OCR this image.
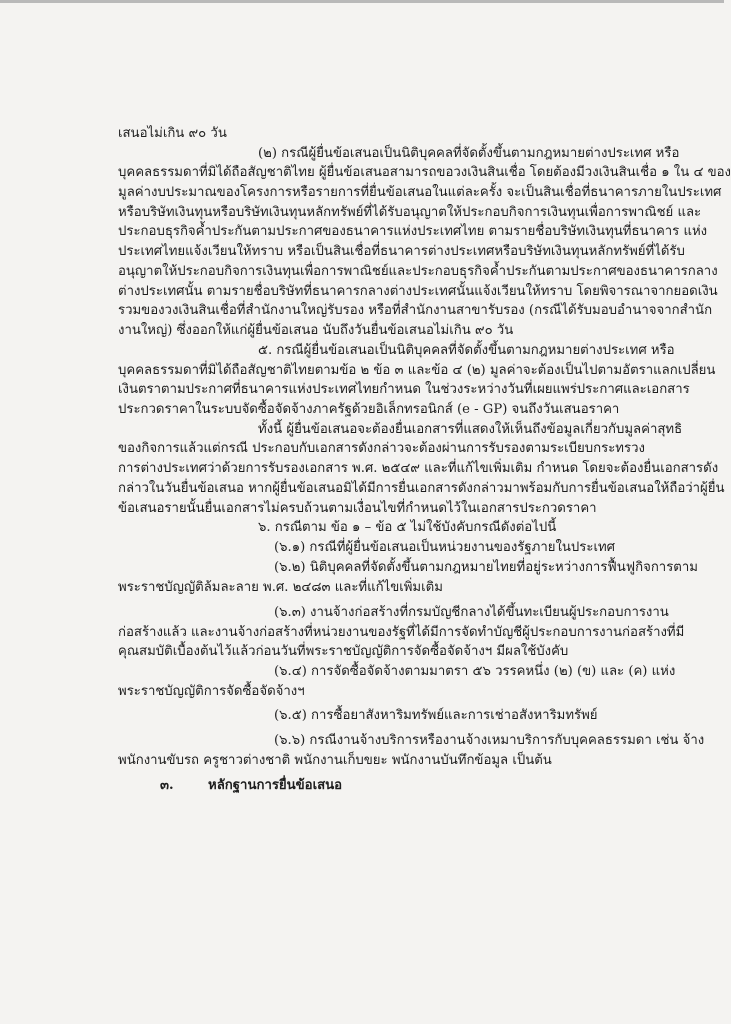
เสนอไม่เกิน ๙๐ วัน
(๒) กรณีผู้ยื่นข้อเสนอเป็นนิติบุคคลที่จัดตั้งขึ้นตามกฎหมายต่างประเทศ หรือ
บุคคลธรรมดาที่มิได้ถือสัญชาติไทย ผู้ยื่นข้อเสนอสามารถขอวงเงินสินเชื่อ โดยต้องมีวงเงินสินเชื่อ ๑ ใน ๔ ของ
มูลค่างบประมาณของโครงการหรือรายการที่ยื่นข้อเสนอในแต่ละครั้ง จะเป็นสินเชื่อที่ธนาคารภายในประเทศ
หรือบริษัทเงินทุนหรือบริษัทเงินทุนหลักทรัพย์ที่ได้รับอนุญาตให้ประกอบกิจการเงินทุนเพื่อการพาณิชย์ และ
ประกอบธุรกิจค้ำประกันตามประกาศของธนาคารแห่งประเทศไทย ตามรายชื่อบริษัทเงินทุนที่ธนาคาร แห่ง
ประเทศไทยแจ้งเวียนให้ทราบ หรือเป็นสินเชื่อที่ธนาคารต่างประเทศหรือบริษัทเงินทุนหลักทรัพย์ที่ได้รับ
อนุญาตให้ประกอบกิจการเงินทุนเพื่อการพาณิชย์และประกอบธุรกิจค้ำประกันตามประกาศของธนาคารกลาง
ต่างประเทศนั้น ตามรายชื่อบริษัทที่ธนาคารกลางต่างประเทศนั้นแจ้งเวียนให้ทราบ โดยพิจารณาจากยอดเงิน
รวมของวงเงินสินเชื่อที่สำนักงานใหญ่รับรอง หรือที่สำนักงานสาขารับรอง (กรณีได้รับมอบอำนาจจากสำนัก
งานใหญ่) ซึ่งออกให้แก่ผู้ยื่นข้อเสนอ นับถึงวันยื่นข้อเสนอไม่เกิน ๙๐ วัน
๕. กรณีผู้ยื่นข้อเสนอเป็นนิติบุคคลที่จัดตั้งขึ้นตามกฎหมายต่างประเทศ หรือ
บุคคลธรรมดาที่มิได้ถือสัญชาติไทยตามข้อ ๒ ข้อ ๓ และข้อ ๔ (๒) มูลค่าจะต้องเป็นไปตามอัตราแลกเปลี่ยน
เงินตราตามประกาศที่ธนาคารแห่งประเทศไทยกำหนด ในช่วงระหว่างวันที่เผยแพร่ประกาศและเอกสาร
ประกวดราคาในระบบจัดซื้อจัดจ้างภาครัฐด้วยอิเล็กทรอนิกส์ (e - GP) จนถึงวันเสนอราคา
ทั้งนี้ ผู้ยื่นข้อเสนอจะต้องยื่นเอกสารที่แสดงให้เห็นถึงข้อมูลเกี่ยวกับมูลค่าสุทธิ
ของกิจการแล้วแต่กรณี ประกอบกับเอกสารดังกล่าวจะต้องผ่านการรับรองตามระเบียบกระทรวง
การต่างประเทศว่าด้วยการรับรองเอกสาร พ.ศ. ๒๕๔๙ และที่แก้ไขเพิ่มเติม กำหนด โดยจะต้องยื่นเอกสารดัง
กล่าวในวันยื่นข้อเสนอ หากผู้ยื่นข้อเสนอมิได้มีการยื่นเอกสารดังกล่าวมาพร้อมกับการยื่นข้อเสนอให้ถือว่าผู้ยื่น
ข้อเสนอรายนั้นยื่นเอกสารไม่ครบถ้วนตามเงื่อนไขที่กำหนดไว้ในเอกสารประกวดราคา
๖. กรณีตาม ข้อ ๑ – ข้อ ๕ ไม่ใช้บังคับกรณีดังต่อไปนี้
(๖.๑) กรณีที่ผู้ยื่นข้อเสนอเป็นหน่วยงานของรัฐภายในประเทศ
(๖.๒) นิติบุคคลที่จัดตั้งขึ้นตามกฎหมายไทยที่อยู่ระหว่างการฟื้นฟูกิจการตาม
พระราชบัญญัติล้มละลาย พ.ศ. ๒๔๘๓ และที่แก้ไขเพิ่มเติม
(๖.๓) งานจ้างก่อสร้างที่กรมบัญชีกลางได้ขึ้นทะเบียนผู้ประกอบการงาน
ก่อสร้างแล้ว และงานจ้างก่อสร้างที่หน่วยงานของรัฐที่ได้มีการจัดทำบัญชีผู้ประกอบการงานก่อสร้างที่มี
คุณสมบัติเบื้องต้นไว้แล้วก่อนวันที่พระราชบัญญัติการจัดซื้อจัดจ้างฯ มีผลใช้บังคับ
(๖.๔) การจัดซื้อจัดจ้างตามมาตรา ๕๖ วรรคหนึ่ง (๒) (ข) และ (ค) แห่ง
พระราชบัญญัติการจัดซื้อจัดจ้างฯ
(๖.๕) การซื้อยาสังหาริมทรัพย์และการเช่าอสังหาริมทรัพย์
(๖.๖) กรณีงานจ้างบริการหรืองานจ้างเหมาบริการกับบุคคลธรรมดา เช่น จ้าง
พนักงานขับรถ ครูชาวต่างชาติ พนักงานเก็บขยะ พนักงานบันทึกข้อมูล เป็นต้น
๓.	หลักฐานการยื่นข้อเสนอ
